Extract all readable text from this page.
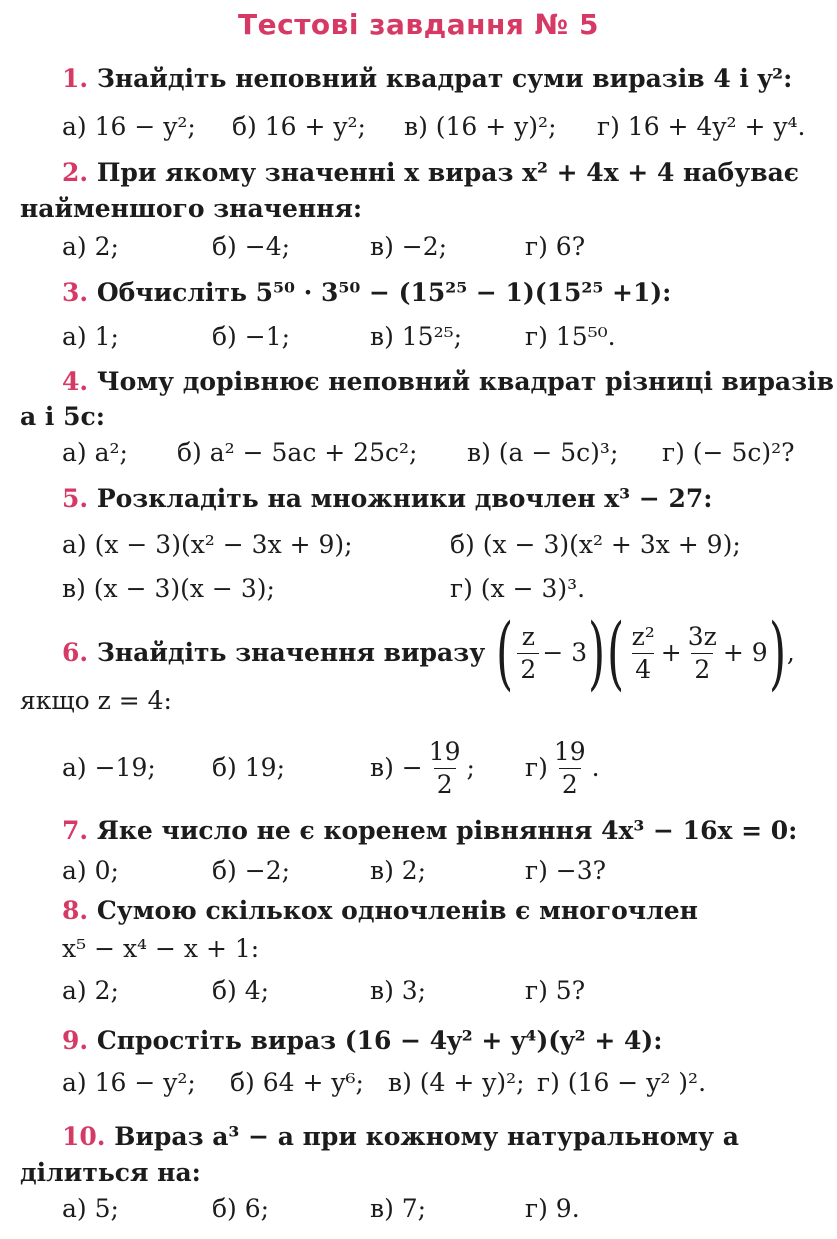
Тестові завдання № 5
1. Знайдіть неповний квадрат суми виразів 4 і y²:
а) 16 − y²; б) 16 + y²; в) (16 + y)²; г) 16 + 4y² + y⁴.
2. При якому значенні x вираз x² + 4x + 4 набуває
найменшого значення:
а) 2;	б) −4;	в) −2;	г) 6?
3. Обчисліть 5⁵⁰ · 3⁵⁰ − (15²⁵ − 1)(15²⁵ +1):
а) 1;	б) −1;	в) 15²⁵;	г) 15⁵⁰.
4. Чому дорівнює неповний квадрат різниці виразів
a і 5c:
а) a²; б) a² − 5ac + 25c²; в) (a − 5c)³; г) (− 5c)²?
5. Розкладіть на множники двочлен x³ − 27:
а) (x − 3)(x² − 3x + 9);	б) (x − 3)(x² + 3x + 9);
в) (x − 3)(x − 3);	г) (x − 3)³.
6.
Знайдіть значення виразу ( $\frac{z}{2} - 3$ ) ( $\frac{\text{z²}}{4} + \frac{3z}{2} + 9$ ) ,
якщо z = 4:
а) −19; б) 19;	$в) - \frac{19}{2}$ ; $г) \frac{19}{2}$ .
7. Яке число не є коренем рівняння 4x³ − 16x = 0:
а) 0;	б) −2;	в) 2;	г) −3?
8. Сумою скількох одночленів є многочлен
x⁵ − x⁴ − x + 1:
а) 2;	б) 4;	в) 3;	г) 5?
9. Спростіть вираз (16 − 4y² + y⁴)(y² + 4):
а) 16 − y²; б) 64 + y⁶; в) (4 + y)²; г) (16 − y² )².
10. Вираз a³ − a при кожному натуральному a
ділиться на:
а) 5;	б) 6;	в) 7;	г) 9.
